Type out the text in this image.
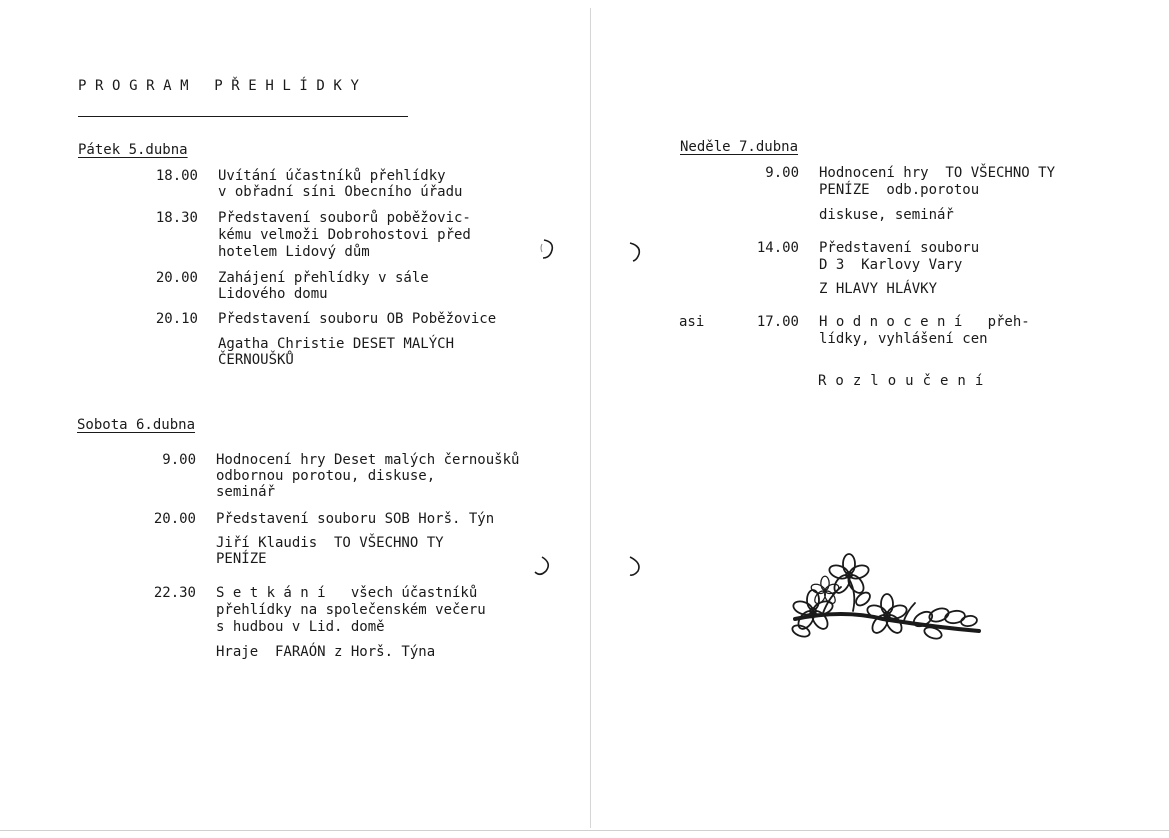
PROGRAM PŘEHLÍDKY
Pátek 5.dubna
18.00 Uvítání účastníků přehlídky
v obřadní síni Obecního úřadu
18.30 Představení souborů poběžovic-
kému velmoži Dobrohostovi před
hotelem Lidový dům
20.00 Zahájení přehlídky v sále
Lidového domu
20.10 Představení souboru OB Poběžovice
Agatha Christie DESET MALÝCH
ČERNOUŠKŮ
Sobota 6.dubna
9.00 Hodnocení hry Deset malých černoušků
odbornou porotou, diskuse,
seminář
20.00 Představení souboru SOB Horš. Týn
Jiří Klaudis  TO VŠECHNO TY
PENÍZE
22.30 S e t k á n í   všech účastníků
přehlídky na společenském večeru
s hudbou v Lid. domě
Hraje  FARAÓN z Horš. Týna
Neděle 7.dubna
9.00 Hodnocení hry  TO VŠECHNO TY
PENÍZE  odb.porotou
diskuse, seminář
14.00 Představení souboru
D 3  Karlovy Vary
Z HLAVY HLÁVKY
asi	17.00 H o d n o c e n í   přeh-
lídky, vyhlášení cen
Rozloučení
